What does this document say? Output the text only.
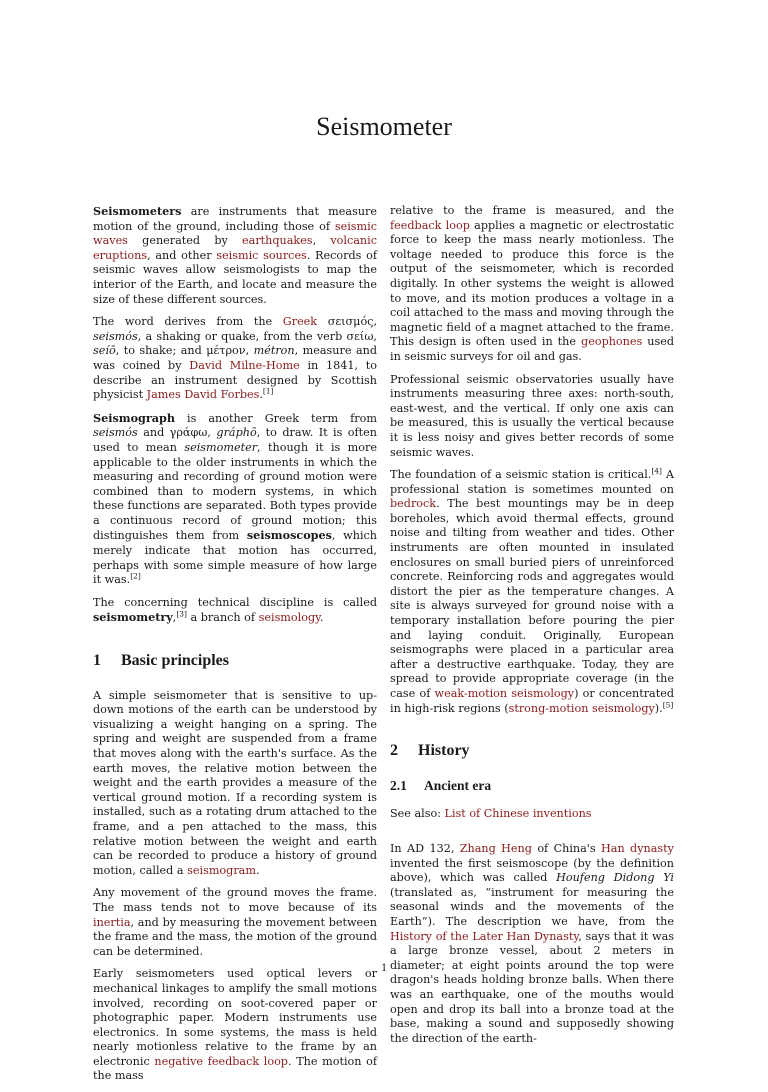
Seismometer

Seismometers are instruments that measure motion of the ground, including those of seismic waves generated by earthquakes, volcanic eruptions, and other seismic sources. Records of seismic waves allow seismologists to map the interior of the Earth, and locate and measure the size of these different sources.

The word derives from the Greek σεισμός, seismós, a shaking or quake, from the verb σείω, seíō, to shake; and μέτρον, métron, measure and was coined by David Milne-Home in 1841, to describe an instrument designed by Scottish physicist James David Forbes.[1]

Seismograph is another Greek term from seismós and γράφω, gráphō, to draw. It is often used to mean seismometer, though it is more applicable to the older instruments in which the measuring and recording of ground motion were combined than to modern systems, in which these functions are separated. Both types provide a continuous record of ground motion; this distinguishes them from seismoscopes, which merely indicate that motion has occurred, perhaps with some simple measure of how large it was.[2]

The concerning technical discipline is called seismometry,[3] a branch of seismology.

1 Basic principles

A simple seismometer that is sensitive to up-down motions of the earth can be understood by visualizing a weight hanging on a spring. The spring and weight are suspended from a frame that moves along with the earth's surface. As the earth moves, the relative motion between the weight and the earth provides a measure of the vertical ground motion. If a recording system is installed, such as a rotating drum attached to the frame, and a pen attached to the mass, this relative motion between the weight and earth can be recorded to produce a history of ground motion, called a seismogram.

Any movement of the ground moves the frame. The mass tends not to move because of its inertia, and by measuring the movement between the frame and the mass, the motion of the ground can be determined.

Early seismometers used optical levers or mechanical linkages to amplify the small motions involved, recording on soot-covered paper or photographic paper. Modern instruments use electronics. In some systems, the mass is held nearly motionless relative to the frame by an electronic negative feedback loop. The motion of the mass

relative to the frame is measured, and the feedback loop applies a magnetic or electrostatic force to keep the mass nearly motionless. The voltage needed to produce this force is the output of the seismometer, which is recorded digitally. In other systems the weight is allowed to move, and its motion produces a voltage in a coil attached to the mass and moving through the magnetic field of a magnet attached to the frame. This design is often used in the geophones used in seismic surveys for oil and gas.

Professional seismic observatories usually have instruments measuring three axes: north-south, east-west, and the vertical. If only one axis can be measured, this is usually the vertical because it is less noisy and gives better records of some seismic waves.

The foundation of a seismic station is critical.[4] A professional station is sometimes mounted on bedrock. The best mountings may be in deep boreholes, which avoid thermal effects, ground noise and tilting from weather and tides. Other instruments are often mounted in insulated enclosures on small buried piers of unreinforced concrete. Reinforcing rods and aggregates would distort the pier as the temperature changes. A site is always surveyed for ground noise with a temporary installation before pouring the pier and laying conduit. Originally, European seismographs were placed in a particular area after a destructive earthquake. Today, they are spread to provide appropriate coverage (in the case of weak-motion seismology) or concentrated in high-risk regions (strong-motion seismology).[5]

2 History
2.1 Ancient era

See also: List of Chinese inventions

In AD 132, Zhang Heng of China's Han dynasty invented the first seismoscope (by the definition above), which was called Houfeng Didong Yi (translated as, “instrument for measuring the seasonal winds and the movements of the Earth”). The description we have, from the History of the Later Han Dynasty, says that it was a large bronze vessel, about 2 meters in diameter; at eight points around the top were dragon's heads holding bronze balls. When there was an earthquake, one of the mouths would open and drop its ball into a bronze toad at the base, making a sound and supposedly showing the direction of the earth-

1
